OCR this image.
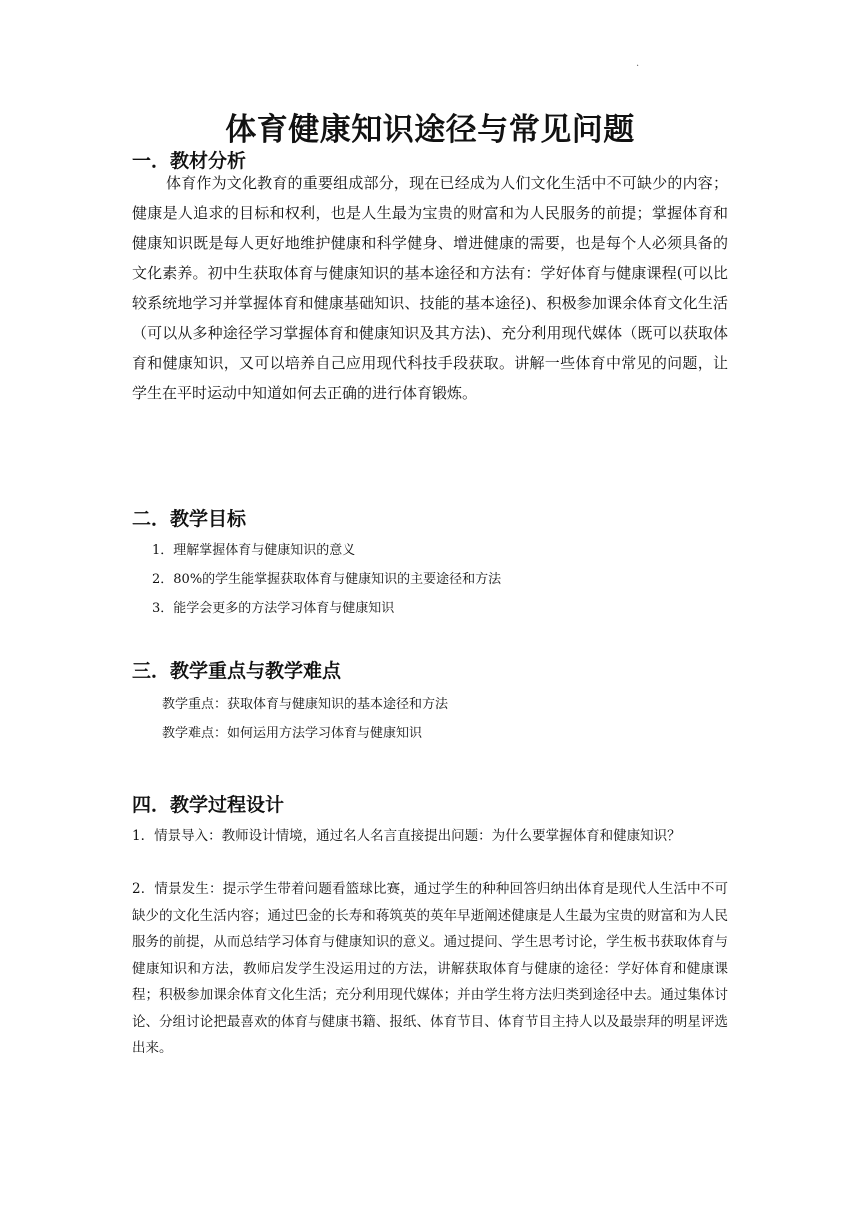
.
体育健康知识途径与常见问题
一．教材分析

体育作为文化教育的重要组成部分，现在已经成为人们文化生活中不可缺少的内容；健康是人追求的目标和权利，也是人生最为宝贵的财富和为人民服务的前提；掌握体育和健康知识既是每人更好地维护健康和科学健身、增进健康的需要，也是每个人必须具备的文化素养。初中生获取体育与健康知识的基本途径和方法有：学好体育与健康课程(可以比较系统地学习并掌握体育和健康基础知识、技能的基本途径)、积极参加课余体育文化生活（可以从多种途径学习掌握体育和健康知识及其方法)、充分利用现代媒体（既可以获取体育和健康知识，又可以培养自己应用现代科技手段获取。讲解一些体育中常见的问题，让学生在平时运动中知道如何去正确的进行体育锻炼。

二．教学目标
1．理解掌握体育与健康知识的意义
2．80%的学生能掌握获取体育与健康知识的主要途径和方法
3．能学会更多的方法学习体育与健康知识
三．教学重点与教学难点
教学重点：获取体育与健康知识的基本途径和方法
教学难点：如何运用方法学习体育与健康知识
四．教学过程设计
1．情景导入：教师设计情境，通过名人名言直接提出问题：为什么要掌握体育和健康知识？
2．情景发生：提示学生带着问题看篮球比赛，通过学生的种种回答归纳出体育是现代人生活中不可缺少的文化生活内容；通过巴金的长寿和蒋筑英的英年早逝阐述健康是人生最为宝贵的财富和为人民服务的前提，从而总结学习体育与健康知识的意义。通过提问、学生思考讨论，学生板书获取体育与健康知识和方法，教师启发学生没运用过的方法，讲解获取体育与健康的途径：学好体育和健康课程；积极参加课余体育文化生活；充分利用现代媒体；并由学生将方法归类到途径中去。通过集体讨论、分组讨论把最喜欢的体育与健康书籍、报纸、体育节目、体育节目主持人以及最崇拜的明星评选出来。
